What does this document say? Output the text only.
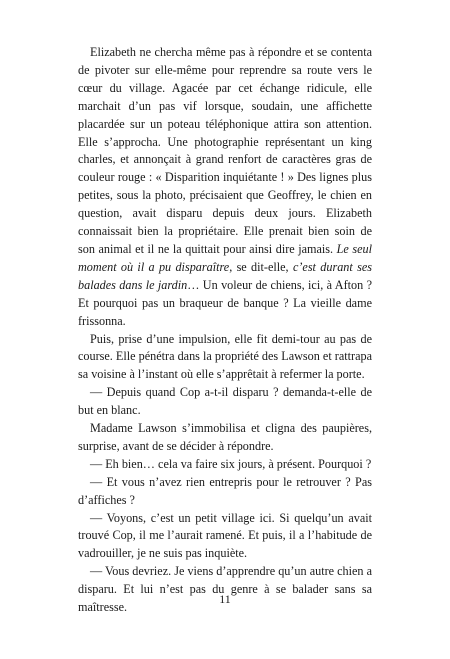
Elizabeth ne chercha même pas à répondre et se contenta de pivoter sur elle-même pour reprendre sa route vers le cœur du village. Agacée par cet échange ridicule, elle marchait d’un pas vif lorsque, soudain, une affichette placardée sur un poteau téléphonique attira son attention. Elle s’approcha. Une photographie représentant un king charles, et annonçait à grand renfort de caractères gras de couleur rouge : « Disparition inquiétante ! » Des lignes plus petites, sous la photo, précisaient que Geoffrey, le chien en question, avait disparu depuis deux jours. Elizabeth connaissait bien la propriétaire. Elle prenait bien soin de son animal et il ne la quittait pour ainsi dire jamais. Le seul moment où il a pu disparaître, se dit-elle, c’est durant ses balades dans le jardin… Un voleur de chiens, ici, à Afton ? Et pourquoi pas un braqueur de banque ? La vieille dame frissonna.

Puis, prise d’une impulsion, elle fit demi-tour au pas de course. Elle pénétra dans la propriété des Lawson et rattrapa sa voisine à l’instant où elle s’apprêtait à refermer la porte.

— Depuis quand Cop a-t-il disparu ? demanda-t-elle de but en blanc.

Madame Lawson s’immobilisa et cligna des paupières, surprise, avant de se décider à répondre.

— Eh bien… cela va faire six jours, à présent. Pourquoi ?

— Et vous n’avez rien entrepris pour le retrouver ? Pas d’affiches ?

— Voyons, c’est un petit village ici. Si quelqu’un avait trouvé Cop, il me l’aurait ramené. Et puis, il a l’habitude de vadrouiller, je ne suis pas inquiète.

— Vous devriez. Je viens d’apprendre qu’un autre chien a disparu. Et lui n’est pas du genre à se balader sans sa maîtresse.

11
